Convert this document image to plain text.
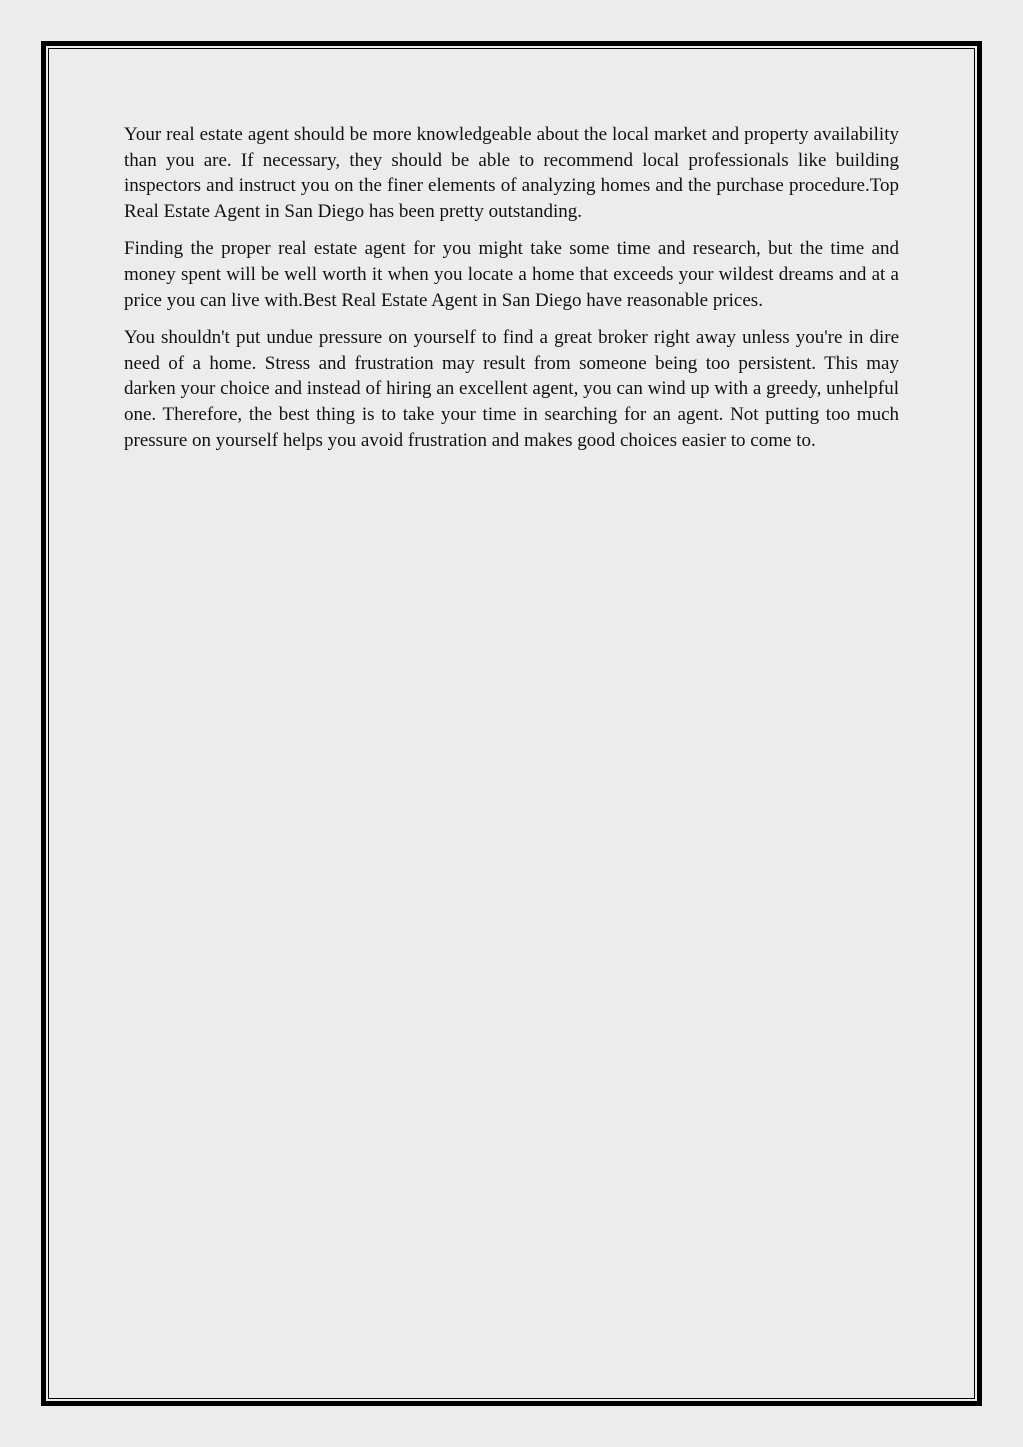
Your real estate agent should be more knowledgeable about the local market and property availability than you are. If necessary, they should be able to recommend local professionals like building inspectors and instruct you on the finer elements of analyzing homes and the purchase procedure.Top Real Estate Agent in San Diego has been pretty outstanding.

Finding the proper real estate agent for you might take some time and research, but the time and money spent will be well worth it when you locate a home that exceeds your wildest dreams and at a price you can live with.Best Real Estate Agent in San Diego have reasonable prices.

You shouldn't put undue pressure on yourself to find a great broker right away unless you're in dire need of a home. Stress and frustration may result from someone being too persistent. This may darken your choice and instead of hiring an excellent agent, you can wind up with a greedy, unhelpful one. Therefore, the best thing is to take your time in searching for an agent. Not putting too much pressure on yourself helps you avoid frustration and makes good choices easier to come to.
